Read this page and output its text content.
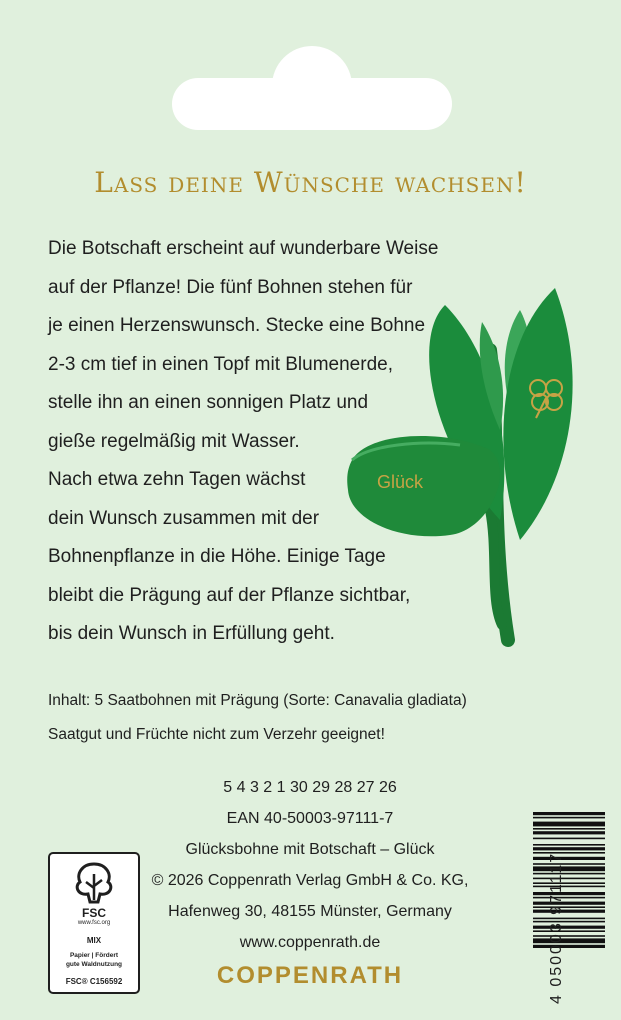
Lass deine Wünsche wachsen!
Die Botschaft erscheint auf wunderbare Weise
auf der Pflanze! Die fünf Bohnen stehen für
je einen Herzenswunsch. Stecke eine Bohne
2-3 cm tief in einen Topf mit Blumenerde,
stelle ihn an einen sonnigen Platz und
gieße regelmäßig mit Wasser.
Nach etwa zehn Tagen wächst
dein Wunsch zusammen mit der
Bohnenpflanze in die Höhe. Einige Tage
bleibt die Prägung auf der Pflanze sichtbar,
bis dein Wunsch in Erfüllung geht.
Glück
Inhalt: 5 Saatbohnen mit Prägung (Sorte: Canavalia gladiata)
Saatgut und Früchte nicht zum Verzehr geeignet!
5 4 3 2 1 30 29 28 27 26
EAN 40-50003-97111-7
Glücksbohne mit Botschaft – Glück
© 2026 Coppenrath Verlag GmbH & Co. KG,
Hafenweg 30, 48155 Münster, Germany
www.coppenrath.de
COPPENRATH
FSC
www.fsc.org
MIX
Papier | Fördert
gute Waldnutzung
FSC® C156592	4 050003 971117
